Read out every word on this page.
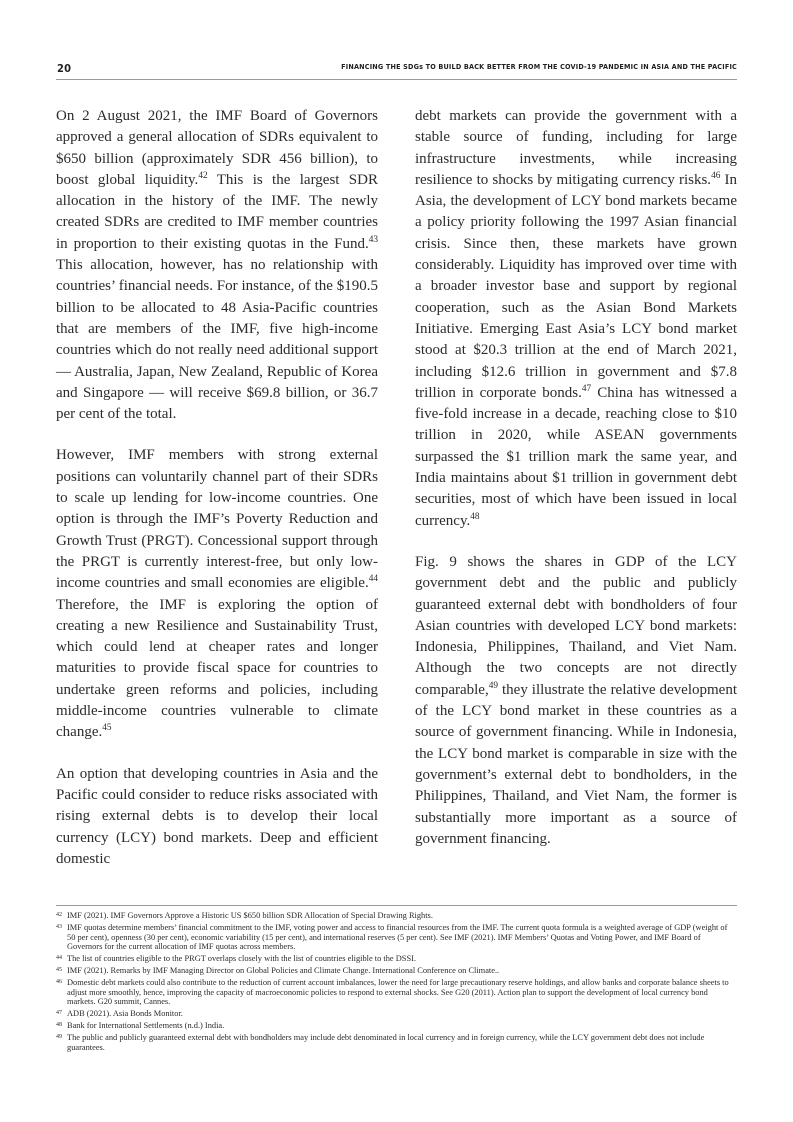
20	FINANCING THE SDGs TO BUILD BACK BETTER FROM THE COVID-19 PANDEMIC IN ASIA AND THE PACIFIC

On 2 August 2021, the IMF Board of Governors approved a general allocation of SDRs equivalent to $650 billion (approximately SDR 456 billion), to boost global liquidity.$^{42}$ This is the largest SDR allocation in the history of the IMF. The newly created SDRs are credited to IMF member countries in proportion to their existing quotas in the Fund.$^{43}$ This allocation, however, has no relationship with countries’ financial needs. For instance, of the $190.5 billion to be allocated to 48 Asia-Pacific countries that are members of the IMF, five high-income countries which do not really need additional support — Australia, Japan, New Zealand, Republic of Korea and Singapore — will receive $69.8 billion, or 36.7 per cent of the total.

However, IMF members with strong external positions can voluntarily channel part of their SDRs to scale up lending for low-income countries. One option is through the IMF’s Poverty Reduction and Growth Trust (PRGT). Concessional support through the PRGT is currently interest-free, but only low-income countries and small economies are eligible.$^{44}$ Therefore, the IMF is exploring the option of creating a new Resilience and Sustainability Trust, which could lend at cheaper rates and longer maturities to provide fiscal space for countries to undertake green reforms and policies, including middle-income countries vulnerable to climate change.$^{45}$

An option that developing countries in Asia and the Pacific could consider to reduce risks associated with rising external debts is to develop their local currency (LCY) bond markets. Deep and efficient domestic

debt markets can provide the government with a stable source of funding, including for large infrastructure investments, while increasing resilience to shocks by mitigating currency risks.$^{46}$ In Asia, the development of LCY bond markets became a policy priority following the 1997 Asian financial crisis. Since then, these markets have grown considerably. Liquidity has improved over time with a broader investor base and support by regional cooperation, such as the Asian Bond Markets Initiative. Emerging East Asia’s LCY bond market stood at $20.3 trillion at the end of March 2021, including $12.6 trillion in government and $7.8 trillion in corporate bonds.$^{47}$ China has witnessed a five-fold increase in a decade, reaching close to $10 trillion in 2020, while ASEAN governments surpassed the $1 trillion mark the same year, and India maintains about $1 trillion in government debt securities, most of which have been issued in local currency.$^{48}$

Fig. 9 shows the shares in GDP of the LCY government debt and the public and publicly guaranteed external debt with bondholders of four Asian countries with developed LCY bond markets: Indonesia, Philippines, Thailand, and Viet Nam. Although the two concepts are not directly comparable,$^{49}$ they illustrate the relative development of the LCY bond market in these countries as a source of government financing. While in Indonesia, the LCY bond market is comparable in size with the government’s external debt to bondholders, in the Philippines, Thailand, and Viet Nam, the former is substantially more important as a source of government financing.

42 IMF (2021). IMF Governors Approve a Historic US $650 billion SDR Allocation of Special Drawing Rights.
43 IMF quotas determine members’ financial commitment to the IMF, voting power and access to financial resources from the IMF. The current quota formula is a weighted average of GDP (weight of 50 per cent), openness (30 per cent), economic variability (15 per cent), and international reserves (5 per cent). See IMF (2021). IMF Members’ Quotas and Voting Power, and IMF Board of Governors for the current allocation of IMF quotas across members.
44 The list of countries eligible to the PRGT overlaps closely with the list of countries eligible to the DSSI.
45 IMF (2021). Remarks by IMF Managing Director on Global Policies and Climate Change. International Conference on Climate..
46 Domestic debt markets could also contribute to the reduction of current account imbalances, lower the need for large precautionary reserve holdings, and allow banks and corporate balance sheets to adjust more smoothly, hence, improving the capacity of macroeconomic policies to respond to external shocks. See G20 (2011). Action plan to support the development of local currency bond markets. G20 summit, Cannes.
47 ADB (2021). Asia Bonds Monitor.
48 Bank for International Settlements (n.d.) India.
49 The public and publicly guaranteed external debt with bondholders may include debt denominated in local currency and in foreign currency, while the LCY government debt does not include guarantees.
